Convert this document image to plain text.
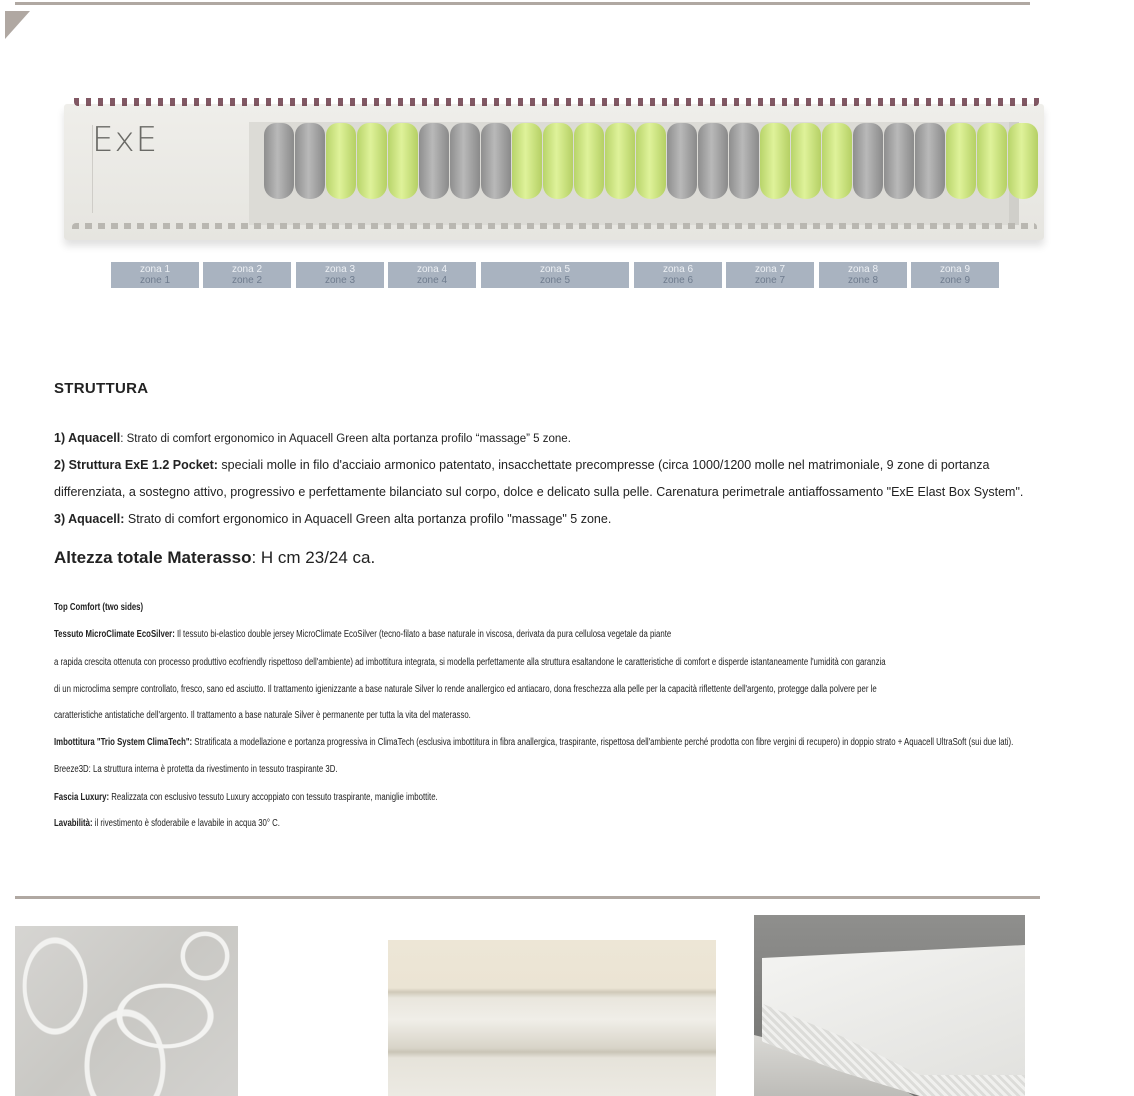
ExE
zona 1
zone 1
zona 2
zone 2
zona 3
zone 3
zona 4
zone 4
zona 5
zone 5
zona 6
zone 6
zona 7
zone 7
zona 8
zone 8
zona 9
zone 9
STRUTTURA
1) Aquacell: Strato di comfort ergonomico in Aquacell Green alta portanza profilo “massage” 5 zone.
2) Struttura ExE 1.2 Pocket: speciali molle in filo d'acciaio armonico patentato, insacchettate precompresse (circa 1000/1200 molle nel matrimoniale, 9 zone di portanza
differenziata, a sostegno attivo, progressivo e perfettamente bilanciato sul corpo, dolce e delicato sulla pelle. Carenatura perimetrale antiaffossamento "ExE Elast Box System".
3) Aquacell: Strato di comfort ergonomico in Aquacell Green alta portanza profilo "massage" 5 zone.
Altezza totale Materasso: H cm 23/24 ca.
Top Comfort (two sides)
Tessuto MicroClimate EcoSilver: Il tessuto bi-elastico double jersey MicroClimate EcoSilver (tecno-filato a base naturale in viscosa, derivata da pura cellulosa vegetale da piante
a rapida crescita ottenuta con processo produttivo ecofriendly rispettoso dell'ambiente) ad imbottitura integrata, si modella perfettamente alla struttura esaltandone le caratteristiche di comfort e disperde istantaneamente l'umidità con garanzia
di un microclima sempre controllato, fresco, sano ed asciutto. Il trattamento igienizzante a base naturale Silver lo rende anallergico ed antiacaro, dona freschezza alla pelle per la capacità riflettente dell'argento, protegge dalla polvere per le
caratteristiche antistatiche dell'argento. Il trattamento a base naturale Silver è permanente per tutta la vita del materasso.
Imbottitura "Trio System ClimaTech": Stratificata a modellazione e portanza progressiva in ClimaTech (esclusiva imbottitura in fibra anallergica, traspirante, rispettosa dell'ambiente perché prodotta con fibre vergini di recupero) in doppio strato + Aquacell UltraSoft (sui due lati).
Breeze3D: La struttura interna è protetta da rivestimento in tessuto traspirante 3D.
Fascia Luxury: Realizzata con esclusivo tessuto Luxury accoppiato con tessuto traspirante, maniglie imbottite.
Lavabilità: il rivestimento è sfoderabile e lavabile in acqua 30° C.
